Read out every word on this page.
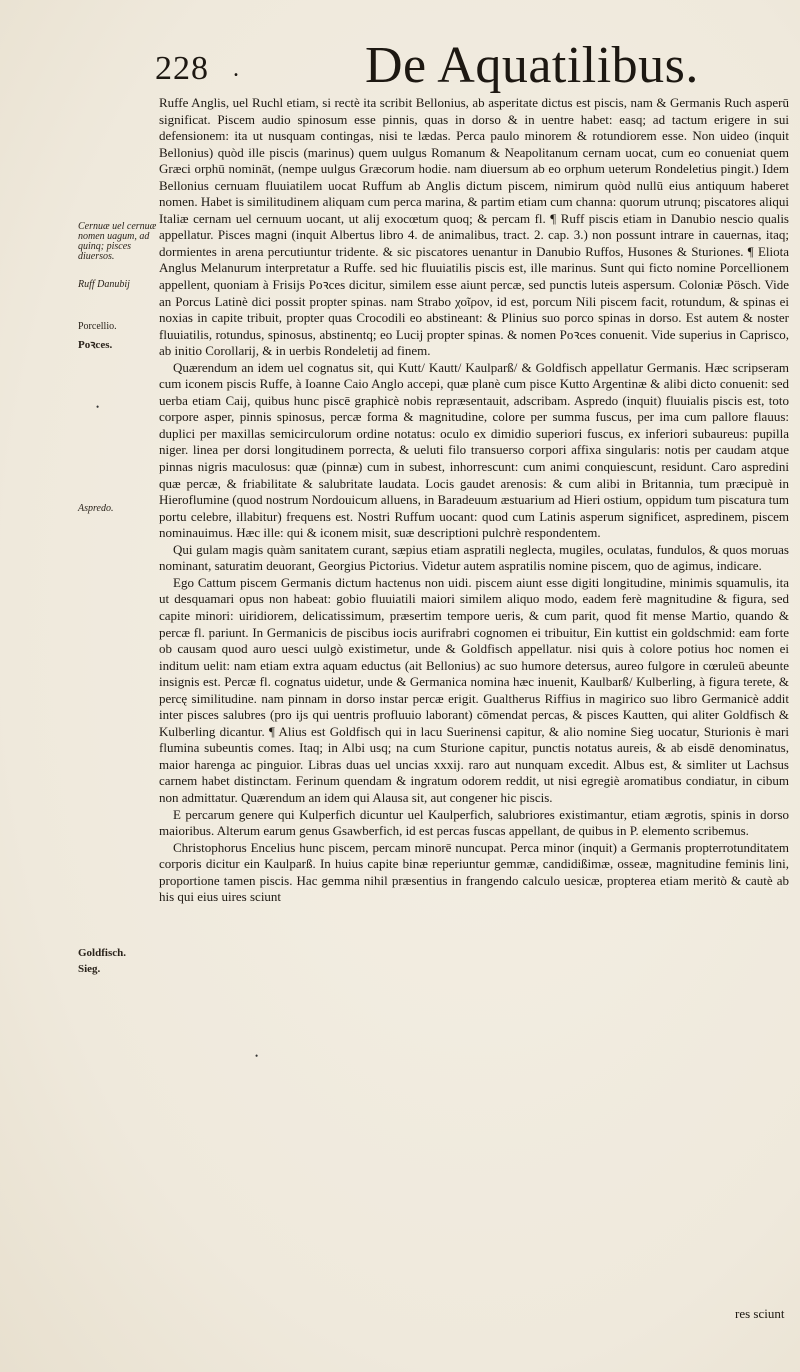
228 . De Aquatilibus.
Cernuæ uel cernuæ nomen uagum, ad quinq; pisces diuersos.
Ruff Danubij
Porcellio.
Poꝛces.
Aspredo.
Goldfisch.
Sieg.
•
•

Ruffe Anglis, uel Ruchl etiam, si rectè ita scribit Bellonius, ab asperitate dictus est piscis, nam & Germanis Ruch asperū significat. Piscem audio spinosum esse pinnis, quas in dorso & in uentre habet: easq; ad tactum erigere in sui defensionem: ita ut nusquam contingas, nisi te lædas. Perca paulo minorem & rotundiorem esse. Non uideo (inquit Bellonius) quòd ille piscis (marinus) quem uulgus Romanum & Neapolitanum cernam uocat, cum eo conueniat quem Græci orphū nomināt, (nempe uulgus Græcorum hodie. nam diuersum ab eo orphum ueterum Rondeletius pingit.) Idem Bellonius cernuam fluuiatilem uocat Ruffum ab Anglis dictum piscem, nimirum quòd nullū eius antiquum haberet nomen. Habet is similitudinem aliquam cum perca marina, & partim etiam cum channa: quorum utrunq; piscatores aliqui Italiæ cernam uel cernuum uocant, ut alij exocœtum quoq; & percam fl. ¶ Ruff piscis etiam in Danubio nescio qualis appellatur. Pisces magni (inquit Albertus libro 4. de animalibus, tract. 2. cap. 3.) non possunt intrare in cauernas, itaq; dormientes in arena percutiuntur tridente. & sic piscatores uenantur in Danubio Ruffos, Husones & Sturiones. ¶ Eliota Anglus Melanurum interpretatur a Ruffe. sed hic fluuiatilis piscis est, ille marinus. Sunt qui ficto nomine Porcellionem appellent, quoniam à Frisijs Poꝛces dicitur, similem esse aiunt percæ, sed punctis luteis aspersum. Coloniæ Pösch. Vide an Porcus Latinè dici possit propter spinas. nam Strabo χοῖρον, id est, porcum Nili piscem facit, rotundum, & spinas ei noxias in capite tribuit, propter quas Crocodili eo abstineant: & Plinius suo porco spinas in dorso. Est autem & noster fluuiatilis, rotundus, spinosus, abstinentq; eo Lucij propter spinas. & nomen Poꝛces conuenit. Vide superius in Caprisco, ab initio Corollarij, & in uerbis Rondeletij ad finem.

Quærendum an idem uel cognatus sit, qui Kutt/ Kautt/ Kaulparß/ & Goldfisch appellatur Germanis. Hæc scripseram cum iconem piscis Ruffe, à Ioanne Caio Anglo accepi, quæ planè cum pisce Kutto Argentinæ & alibi dicto conuenit: sed uerba etiam Caij, quibus hunc piscē graphicè nobis repræsentauit, adscribam. Aspredo (inquit) fluuialis piscis est, toto corpore asper, pinnis spinosus, percæ forma & magnitudine, colore per summa fuscus, per ima cum pallore flauus: duplici per maxillas semicirculorum ordine notatus: oculo ex dimidio superiori fuscus, ex inferiori subaureus: pupilla niger. linea per dorsi longitudinem porrecta, & ueluti filo transuerso corpori affixa singularis: notis per caudam atque pinnas nigris maculosus: quæ (pinnæ) cum in subest, inhorrescunt: cum animi conquiescunt, residunt. Caro aspredini quæ percæ, & friabilitate & salubritate laudata. Locis gaudet arenosis: & cum alibi in Britannia, tum præcipuè in Hieroflumine (quod nostrum Nordouicum alluens, in Baradeuum æstuarium ad Hieri ostium, oppidum tum piscatura tum portu celebre, illabitur) frequens est. Nostri Ruffum uocant: quod cum Latinis asperum significet, aspredinem, piscem nominauimus. Hæc ille: qui & iconem misit, suæ descriptioni pulchrè respondentem.

Qui gulam magis quàm sanitatem curant, sæpius etiam aspratili neglecta, mugiles, oculatas, fundulos, & quos moruas nominant, saturatim deuorant, Georgius Pictorius. Videtur autem aspratilis nomine piscem, quo de agimus, indicare.

Ego Cattum piscem Germanis dictum hactenus non uidi. piscem aiunt esse digiti longitudine, minimis squamulis, ita ut desquamari opus non habeat: gobio fluuiatili maiori similem aliquo modo, eadem ferè magnitudine & figura, sed capite minori: uiridiorem, delicatissimum, præsertim tempore ueris, & cum parit, quod fit mense Martio, quando & percæ fl. pariunt. In Germanicis de piscibus iocis aurifrabri cognomen ei tribuitur, Ein kuttist ein goldschmid: eam forte ob causam quod auro uesci uulgò existimetur, unde & Goldfisch appellatur. nisi quis à colore potius hoc nomen ei inditum uelit: nam etiam extra aquam eductus (ait Bellonius) ac suo humore detersus, aureo fulgore in cœruleū abeunte insignis est. Percæ fl. cognatus uidetur, unde & Germanica nomina hæc inuenit, Kaulbarß/ Kulberling, à figura terete, & percę similitudine. nam pinnam in dorso instar percæ erigit. Gualtherus Riffius in magirico suo libro Germanicè addit inter pisces salubres (pro ijs qui uentris profluuio laborant) cōmendat percas, & pisces Kautten, qui aliter Goldfisch & Kulberling dicantur. ¶ Alius est Goldfisch qui in lacu Suerinensi capitur, & alio nomine Sieg uocatur, Sturionis è mari flumina subeuntis comes. Itaq; in Albi usq; na cum Sturione capitur, punctis notatus aureis, & ab eisdē denominatus, maior harenga ac pinguior. Libras duas uel uncias xxxij. raro aut nunquam excedit. Albus est, & simliter ut Lachsus carnem habet distinctam. Ferinum quendam & ingratum odorem reddit, ut nisi egregiè aromatibus condiatur, in cibum non admittatur. Quærendum an idem qui Alausa sit, aut congener hic piscis.

E percarum genere qui Kulperfich dicuntur uel Kaulperfich, salubriores existimantur, etiam ægrotis, spinis in dorso maioribus. Alterum earum genus Gsawberfich, id est percas fuscas appellant, de quibus in P. elemento scribemus.

Christophorus Encelius hunc piscem, percam minorē nuncupat. Perca minor (inquit) a Germanis propterrotunditatem corporis dicitur ein Kaulparß. In huius capite binæ reperiuntur gemmæ, candidißimæ, osseæ, magnitudine feminis lini, proportione tamen piscis. Hac gemma nihil præsentius in frangendo calculo uesicæ, propterea etiam meritò & cautè ab his qui eius uires sciunt

res sciunt
